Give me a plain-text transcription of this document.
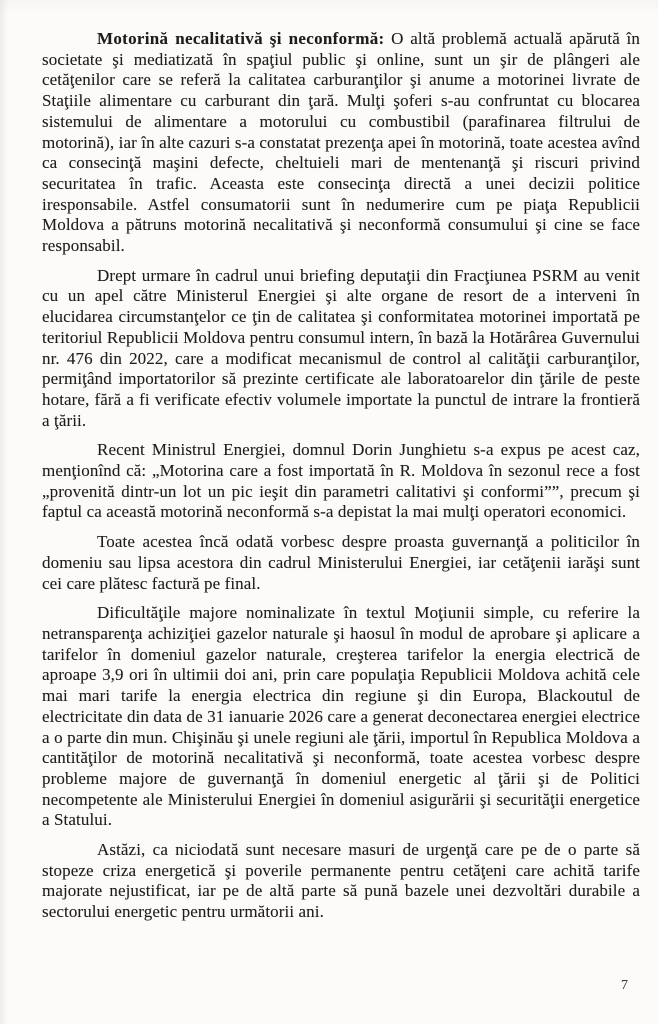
Motorină necalitativă şi neconformă: O altă problemă actuală apărută în societate şi mediatizată în spaţiul public şi online, sunt un şir de plângeri ale cetăţenilor care se referă la calitatea carburanţilor şi anume a motorinei livrate de Staţiile alimentare cu carburant din ţară. Mulţi şoferi s-au confruntat cu blocarea sistemului de alimentare a motorului cu combustibil (parafinarea filtrului de motorină), iar în alte cazuri s-a constatat prezenţa apei în motorină, toate acestea avînd ca consecinţă maşini defecte, cheltuieli mari de mentenanţă şi riscuri privind securitatea în trafic. Aceasta este consecinţa directă a unei decizii politice iresponsabile. Astfel consumatorii sunt în nedumerire cum pe piaţa Republicii Moldova a pătruns motorină necalitativă şi neconformă consumului şi cine se face responsabil.

Drept urmare în cadrul unui briefing deputaţii din Fracţiunea PSRM au venit cu un apel către Ministerul Energiei şi alte organe de resort de a interveni în elucidarea circumstanţelor ce ţin de calitatea şi conformitatea motorinei importată pe teritoriul Republicii Moldova pentru consumul intern, în bază la Hotărârea Guvernului nr. 476 din 2022, care a modificat mecanismul de control al calităţii carburanţilor, permiţând importatorilor să prezinte certificate ale laboratoarelor din ţările de peste hotare, fără a fi verificate efectiv volumele importate la punctul de intrare la frontieră a ţării.

Recent Ministrul Energiei, domnul Dorin Junghietu s-a expus pe acest caz, menţionînd că: „Motorina care a fost importată în R. Moldova în sezonul rece a fost „provenită dintr-un lot un pic ieşit din parametri calitativi şi conformi””, precum şi faptul ca această motorină neconformă s-a depistat la mai mulţi operatori economici.

Toate acestea încă odată vorbesc despre proasta guvernanţă a politicilor în domeniu sau lipsa acestora din cadrul Ministerului Energiei, iar cetăţenii iarăşi sunt cei care plătesc factură pe final.

Dificultăţile majore nominalizate în textul Moţiunii simple, cu referire la netransparenţa achiziţiei gazelor naturale şi haosul în modul de aprobare şi aplicare a tarifelor în domeniul gazelor naturale, creşterea tarifelor la energia electrică de aproape 3,9 ori în ultimii doi ani, prin care populaţia Republicii Moldova achită cele mai mari tarife la energia electrica din regiune şi din Europa, Blackoutul de electricitate din data de 31 ianuarie 2026 care a generat deconectarea energiei electrice a o parte din mun. Chişinău şi unele regiuni ale ţării, importul în Republica Moldova a cantităţilor de motorină necalitativă şi neconformă, toate acestea vorbesc despre probleme majore de guvernanţă în domeniul energetic al ţării şi de Politici necompetente ale Ministerului Energiei în domeniul asigurării şi securităţii energetice a Statului.

Astăzi, ca niciodată sunt necesare masuri de urgenţă care pe de o parte să stopeze criza energetică şi poverile permanente pentru cetăţeni care achită tarife majorate nejustificat, iar pe de altă parte să pună bazele unei dezvoltări durabile a sectorului energetic pentru următorii ani.

7
